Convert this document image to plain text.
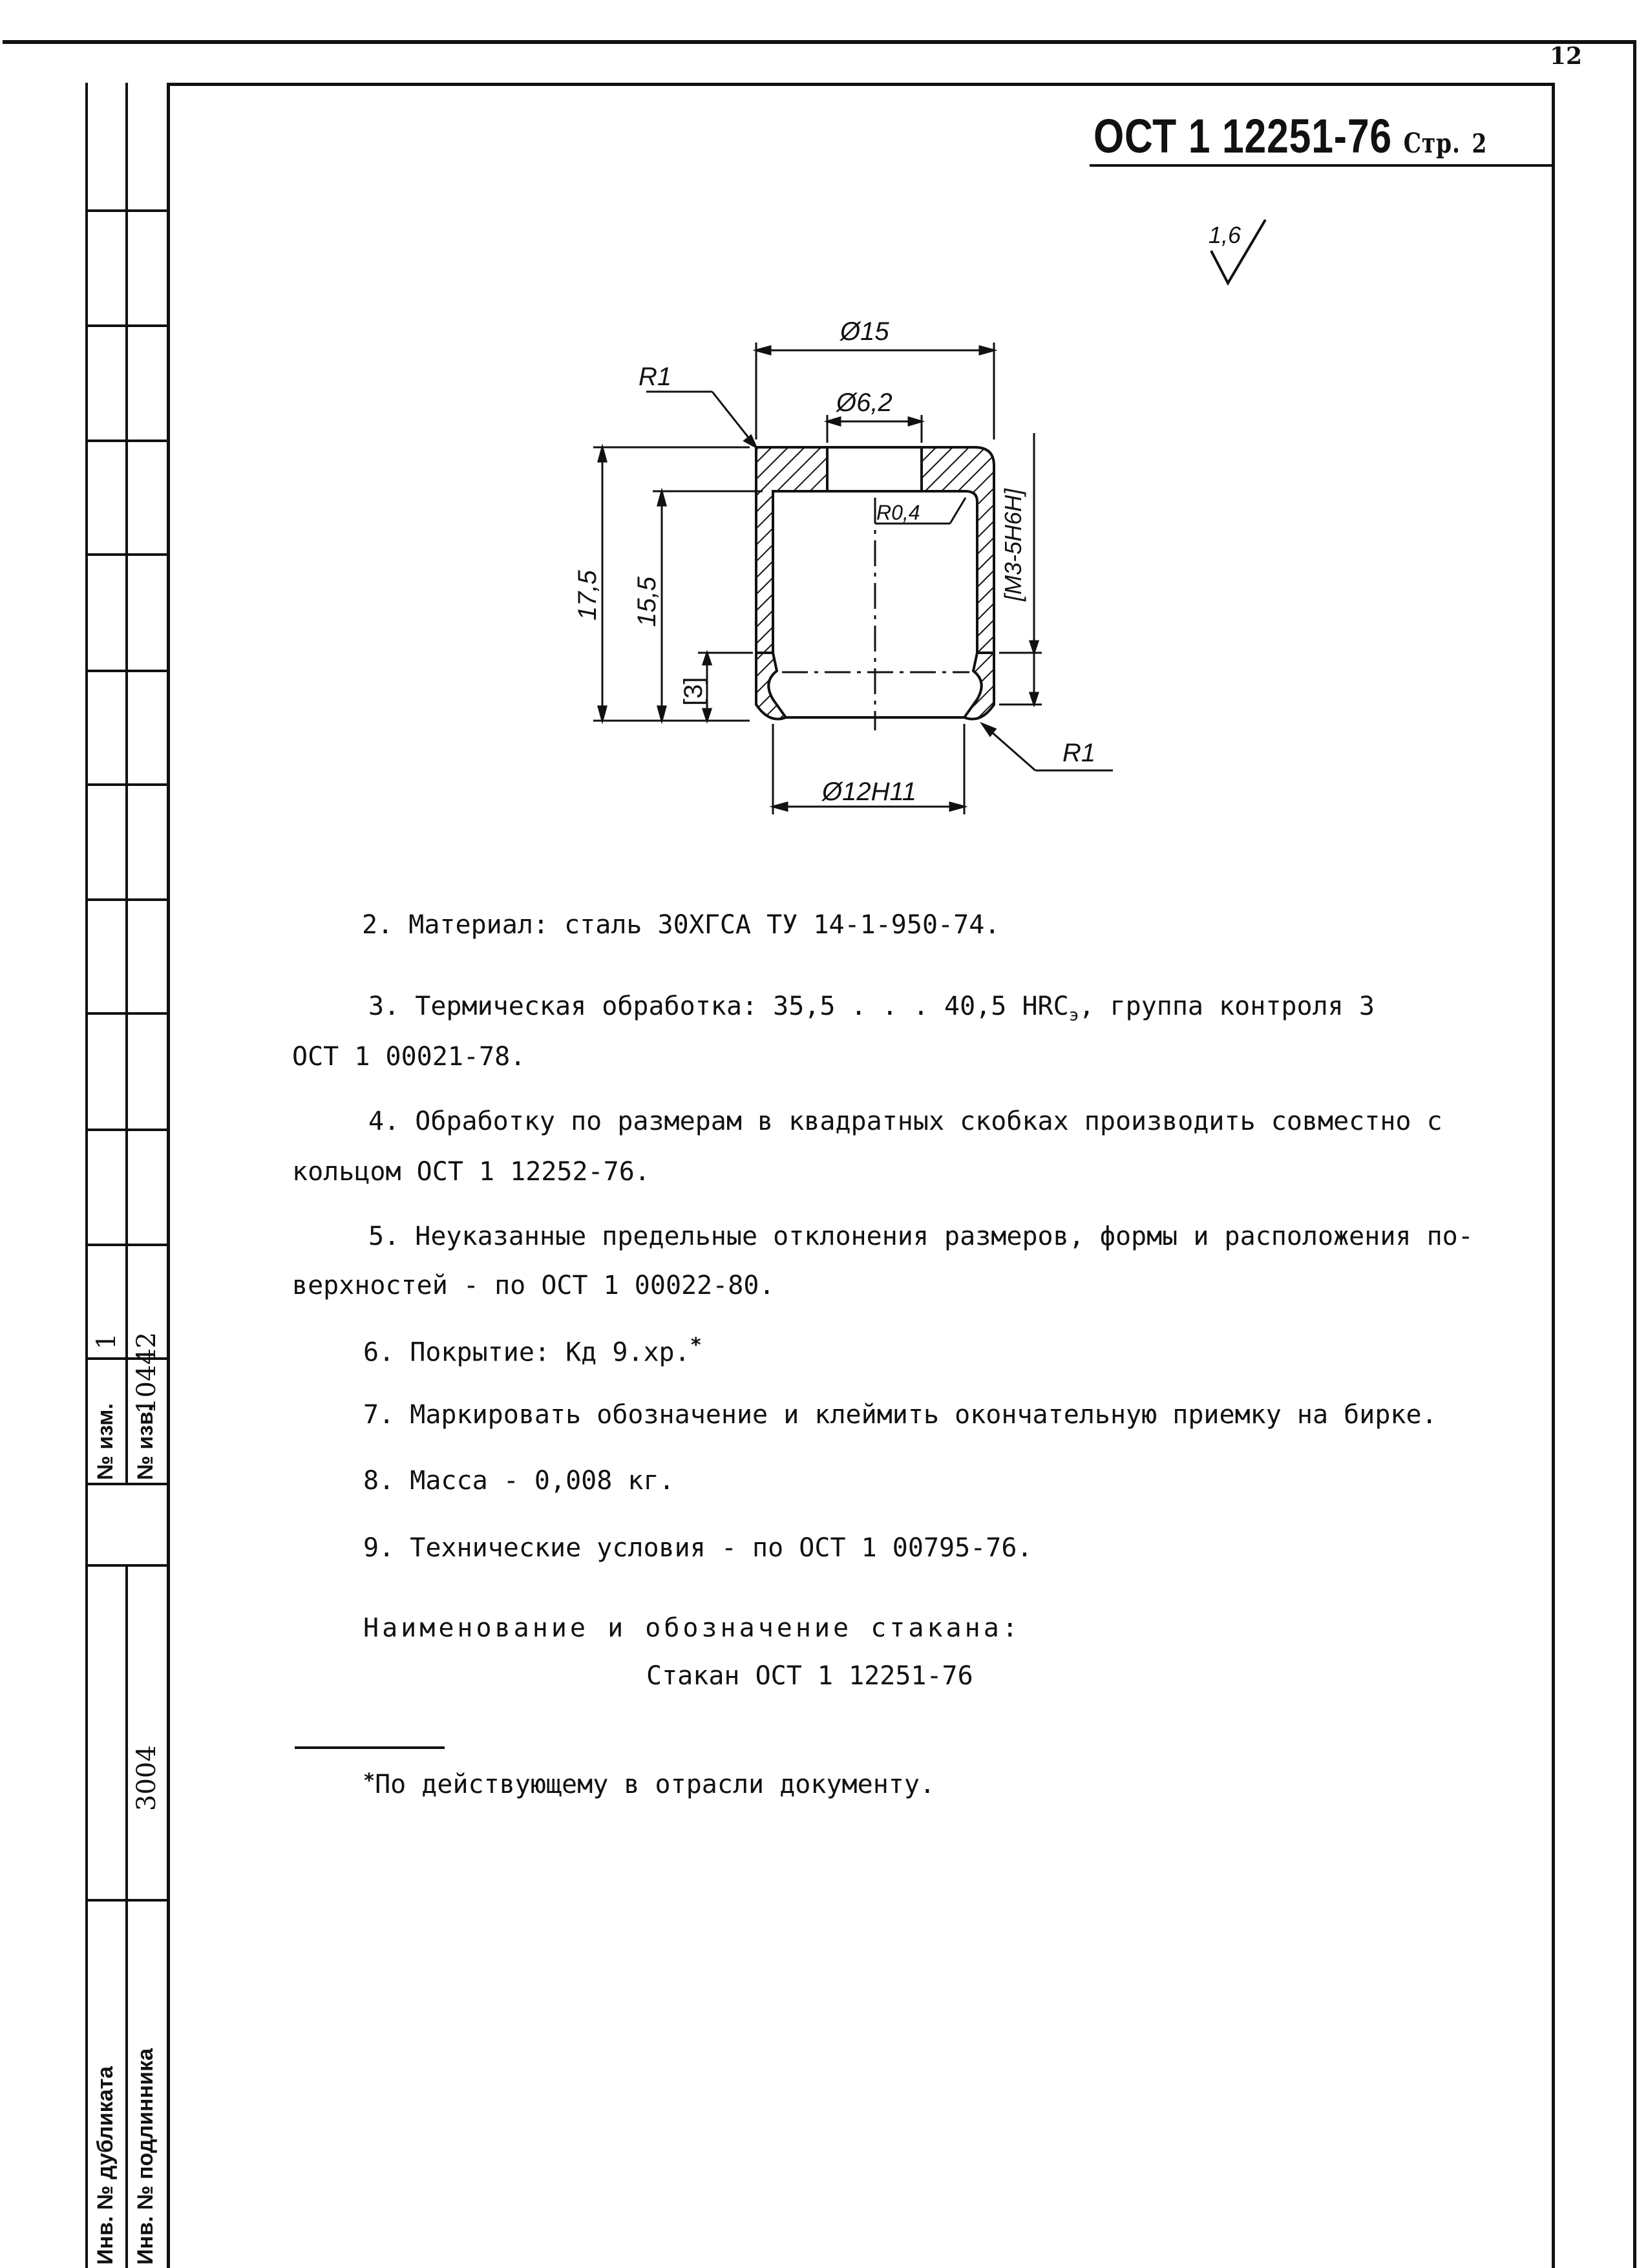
12
1 10442
№ изм. № изв.
3004
Инв. № дубликата Инв. № подлинника
ОСТ 1 12251-76 Стр. 2
1,6
Ø15
Ø6,2
R1
R1
R0,4
Ø12H11
[M3-5H6H]
17,5 15,5
[3]
2. Материал: сталь 30ХГСА ТУ 14-1-950-74.
3. Термическая обработка: 35,5 . . . 40,5 $HRC_э$, группа контроля 3
ОСТ 1 00021-78.
4. Обработку по размерам в квадратных скобках производить совместно с
кольцом ОСТ 1 12252-76.
5. Неуказанные предельные отклонения размеров, формы и расположения по-
верхностей - по ОСТ 1 00022-80.
6. Покрытие: Кд 9.хр.*
7. Маркировать обозначение и клеймить окончательную приемку на бирке.
8. Масса - 0,008 кг.
9. Технические условия - по ОСТ 1 00795-76.
Наименование и обозначение стакана:
Стакан ОСТ 1 12251-76
*По действующему в отрасли документу.
